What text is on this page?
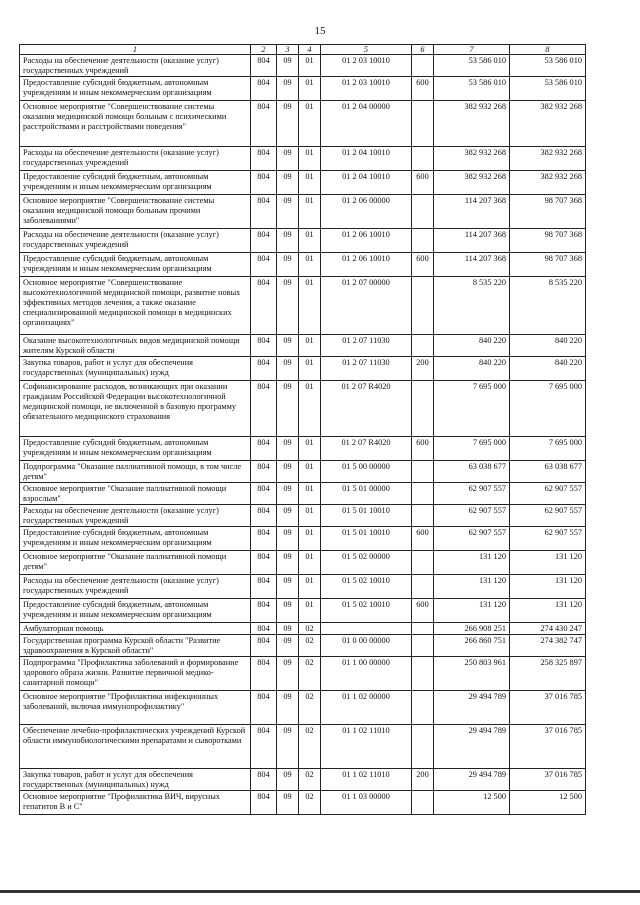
15
1	2	3	4	5	6	7	8
Расходы на обеспечение деятельности (оказание услуг) государственных учреждений	804	09	01	01 2 03 10010		53 586 010	53 586 010
Предоставление субсидий бюджетным, автономным учреждениям и иным некоммерческим организациям	804	09	01	01 2 03 10010	600	53 586 010	53 586 010
Основное мероприятие "Совершенствование системы оказания медицинской помощи больным с психическими расстройствами и расстройствами поведения"	804	09	01	01 2 04 00000		382 932 268	382 932 268
Расходы на обеспечение деятельности (оказание услуг) государственных учреждений	804	09	01	01 2 04 10010		382 932 268	382 932 268
Предоставление субсидий бюджетным, автономным учреждениям и иным некоммерческим организациям	804	09	01	01 2 04 10010	600	382 932 268	382 932 268
Основное мероприятие "Совершенствование системы оказания медицинской помощи больным прочими заболеваниями"	804	09	01	01 2 06 00000		114 207 368	98 707 368
Расходы на обеспечение деятельности (оказание услуг) государственных учреждений	804	09	01	01 2 06 10010		114 207 368	98 707 368
Предоставление субсидий бюджетным, автономным учреждениям и иным некоммерческим организациям	804	09	01	01 2 06 10010	600	114 207 368	98 707 368
Основное мероприятие "Совершенствование высокотехнологичной медицинской помощи, развитие новых эффективных методов лечения, а также оказание специализированной медицинской помощи в медицинских организациях"	804	09	01	01 2 07 00000		8 535 220	8 535 220
Оказание высокотехнологичных видов медицинской помощи жителям Курской области	804	09	01	01 2 07 11030		840 220	840 220
Закупка товаров, работ и услуг для обеспечения государственных (муниципальных) нужд	804	09	01	01 2 07 11030	200	840 220	840 220
Софинансирование расходов, возникающих при оказании гражданам Российской Федерации высокотехнологичной медицинской помощи, не включенной в базовую программу обязательного медицинского страхования	804	09	01	01 2 07 R4020		7 695 000	7 695 000
Предоставление субсидий бюджетным, автономным учреждениям и иным некоммерческим организациям	804	09	01	01 2 07 R4020	600	7 695 000	7 695 000
Подпрограмма "Оказание паллиативной помощи, в том числе детям"	804	09	01	01 5 00 00000		63 038 677	63 038 677
Основное мероприятие "Оказание паллиативной помощи взрослым"	804	09	01	01 5 01 00000		62 907 557	62 907 557
Расходы на обеспечение деятельности (оказание услуг) государственных учреждений	804	09	01	01 5 01 10010		62 907 557	62 907 557
Предоставление субсидий бюджетным, автономным учреждениям и иным некоммерческим организациям	804	09	01	01 5 01 10010	600	62 907 557	62 907 557
Основное мероприятие "Оказание паллиативной помощи детям"	804	09	01	01 5 02 00000		131 120	131 120
Расходы на обеспечение деятельности (оказание услуг) государственных учреждений	804	09	01	01 5 02 10010		131 120	131 120
Предоставление субсидий бюджетным, автономным учреждениям и иным некоммерческим организациям	804	09	01	01 5 02 10010	600	131 120	131 120
Амбулаторная помощь	804	09	02			266 908 251	274 430 247
Государственная программа Курской области "Развитие здравоохранения в Курской области"	804	09	02	01 0 00 00000		266 860 751	274 382 747
Подпрограмма "Профилактика заболеваний и формирование здорового образа жизни. Развитие первичной медико-санитарной помощи"	804	09	02	01 1 00 00000		250 803 961	258 325 897
Основное мероприятие "Профилактика инфекционных заболеваний, включая иммунопрофилактику"	804	09	02	01 1 02 00000		29 494 789	37 016 785
Обеспечение лечебно-профилактических учреждений Курской области иммунобиологическими препаратами и сыворотками	804	09	02	01 1 02 11010		29 494 789	37 016 785
Закупка товаров, работ и услуг для обеспечения государственных (муниципальных) нужд	804	09	02	01 1 02 11010	200	29 494 789	37 016 785
Основное мероприятие "Профилактика ВИЧ, вирусных гепатитов В и С"	804	09	02	01 1 03 00000		12 500	12 500
